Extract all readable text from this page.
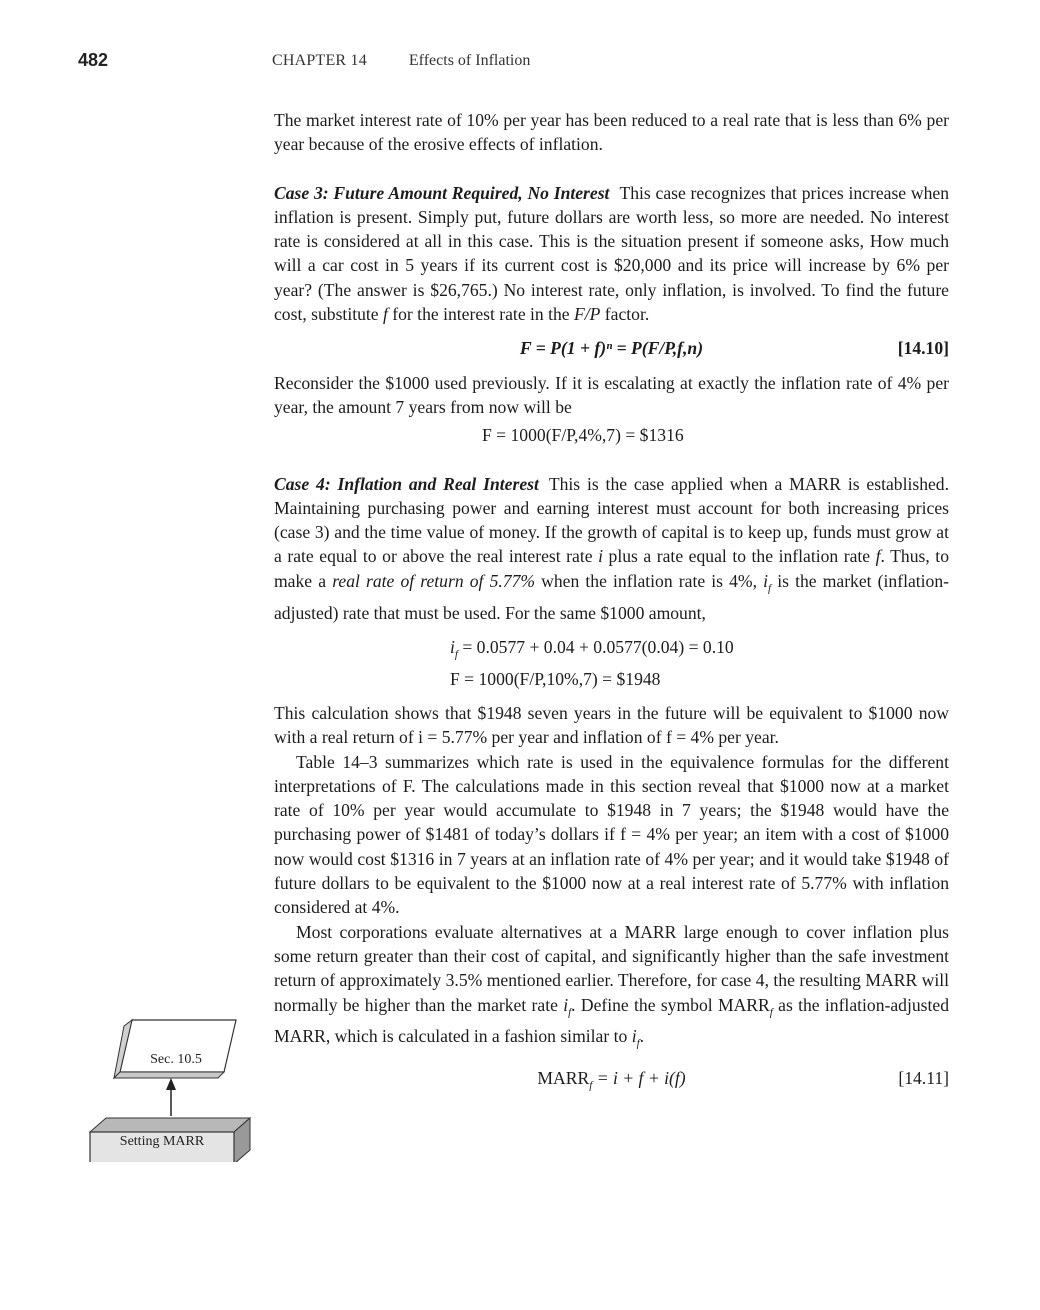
482	CHAPTER 14	Effects of Inflation

The market interest rate of 10% per year has been reduced to a real rate that is less than 6% per year because of the erosive effects of inflation.

Case 3: Future Amount Required, No Interest This case recognizes that prices increase when inflation is present. Simply put, future dollars are worth less, so more are needed. No interest rate is considered at all in this case. This is the situation present if someone asks, How much will a car cost in 5 years if its current cost is $20,000 and its price will increase by 6% per year? (The answer is $26,765.) No interest rate, only inflation, is involved. To find the future cost, substitute f for the interest rate in the F/P factor.

F = P(1 + f)ⁿ = P(F/P,f,n)	[14.10]

Reconsider the $1000 used previously. If it is escalating at exactly the inflation rate of 4% per year, the amount 7 years from now will be

F = 1000(F/P,4%,7) = $1316

Case 4: Inflation and Real Interest This is the case applied when a MARR is established. Maintaining purchasing power and earning interest must account for both increasing prices (case 3) and the time value of money. If the growth of capital is to keep up, funds must grow at a rate equal to or above the real interest rate i plus a rate equal to the inflation rate f. Thus, to make a real rate of return of 5.77% when the inflation rate is 4%, $i_f$ is the market (inflation-adjusted) rate that must be used. For the same $1000 amount,

$i_f = 0.0577 + 0.04 + 0.0577(0.04) = 0.10$
F = 1000(F/P,10%,7) = $1948

This calculation shows that $1948 seven years in the future will be equivalent to $1000 now with a real return of i = 5.77% per year and inflation of f = 4% per year.

Table 14–3 summarizes which rate is used in the equivalence formulas for the different interpretations of F. The calculations made in this section reveal that $1000 now at a market rate of 10% per year would accumulate to $1948 in 7 years; the $1948 would have the purchasing power of $1481 of today’s dollars if f = 4% per year; an item with a cost of $1000 now would cost $1316 in 7 years at an inflation rate of 4% per year; and it would take $1948 of future dollars to be equivalent to the $1000 now at a real interest rate of 5.77% with inflation considered at 4%.

Most corporations evaluate alternatives at a MARR large enough to cover inflation plus some return greater than their cost of capital, and significantly higher than the safe investment return of approximately 3.5% mentioned earlier. Therefore, for case 4, the resulting MARR will normally be higher than the market rate $i_f$. Define the symbol $MARR_f$ as the inflation-adjusted MARR, which is calculated in a fashion similar to $i_f$.

$MARR_f = i + f + i(f)$	[14.11]
Sec. 10.5
Setting MARR
